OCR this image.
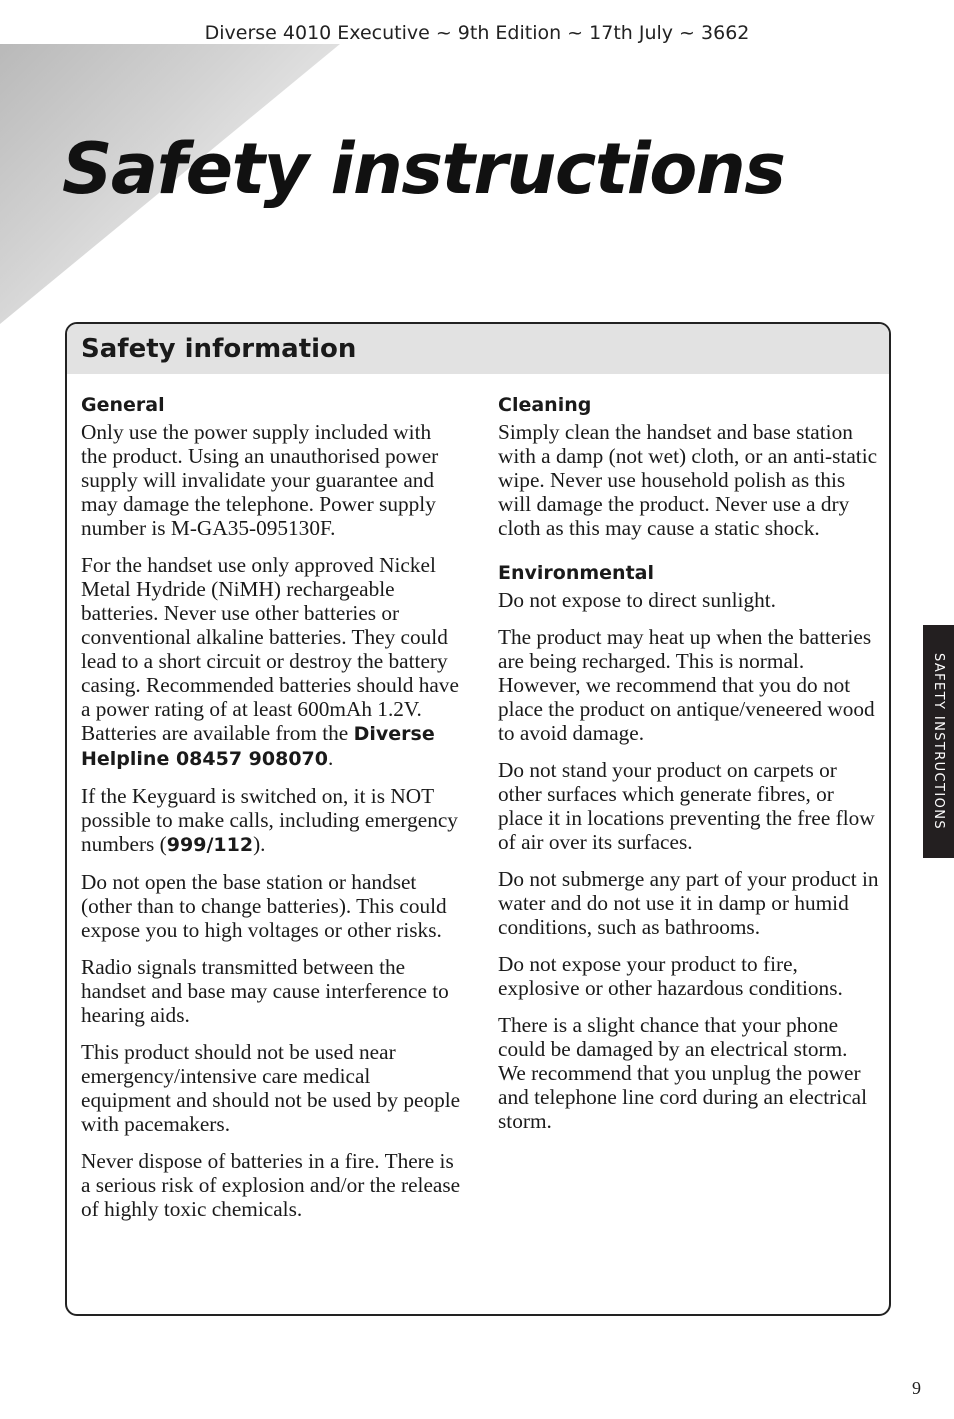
Diverse 4010 Executive ~ 9th Edition ~ 17th July ~ 3662
Safety instructions
Safety information
General

Only use the power supply included with the product. Using an unauthorised power supply will invalidate your guarantee and may damage the telephone. Power supply number is M-GA35-095130F.

For the handset use only approved Nickel Metal Hydride (NiMH) rechargeable batteries. Never use other batteries or conventional alkaline batteries. They could lead to a short circuit or destroy the battery casing. Recommended batteries should have a power rating of at least 600mAh 1.2V. Batteries are available from the Diverse Helpline 08457 908070.

If the Keyguard is switched on, it is NOT possible to make calls, including emergency numbers (999/112).

Do not open the base station or handset (other than to change batteries). This could expose you to high voltages or other risks.

Radio signals transmitted between the handset and base may cause interference to hearing aids.

This product should not be used near emergency/intensive care medical equipment and should not be used by people with pacemakers.

Never dispose of batteries in a fire. There is a serious risk of explosion and/or the release of highly toxic chemicals.

Cleaning

Simply clean the handset and base station with a damp (not wet) cloth, or an anti-static wipe. Never use household polish as this will damage the product. Never use a dry cloth as this may cause a static shock.

Environmental

Do not expose to direct sunlight.

The product may heat up when the batteries are being recharged. This is normal. However, we recommend that you do not place the product on antique/veneered wood to avoid damage.

Do not stand your product on carpets or other surfaces which generate fibres, or place it in locations preventing the free flow of air over its surfaces.

Do not submerge any part of your product in water and do not use it in damp or humid conditions, such as bathrooms.

Do not expose your product to fire, explosive or other hazardous conditions.

There is a slight chance that your phone could be damaged by an electrical storm. We recommend that you unplug the power and telephone line cord during an electrical storm.

SAFETY INSTRUCTIONS
9
